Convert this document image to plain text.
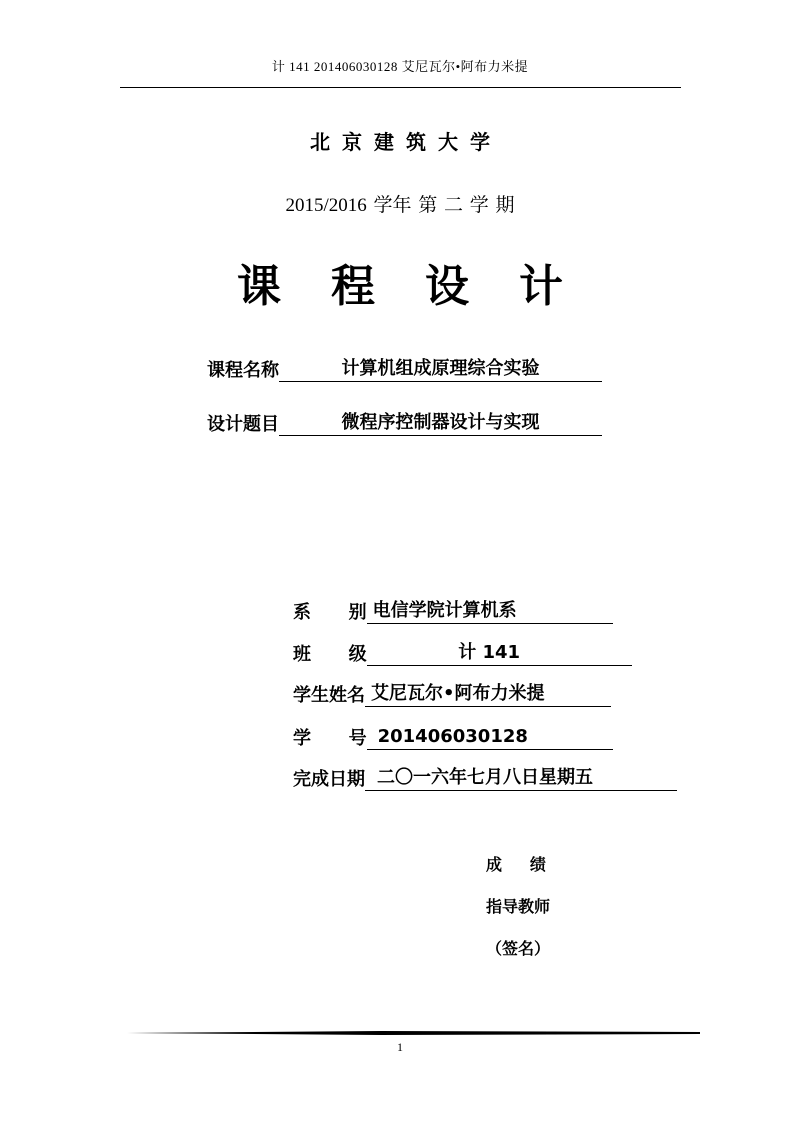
计 141 201406030128 艾尼瓦尔•阿布力米提
北京建筑大学
2015/2016 学年 第 二 学 期
课程设计
课程名称	计算机组成原理综合实验
设计题目	微程序控制器设计与实现
系      别 电信学院计算机系
班      级	计 141
学生姓名 艾尼瓦尔•阿布力米提
学      号 201406030128
完成日期 二〇一六年七月八日星期五
成     绩
指导教师
（签名）
1
